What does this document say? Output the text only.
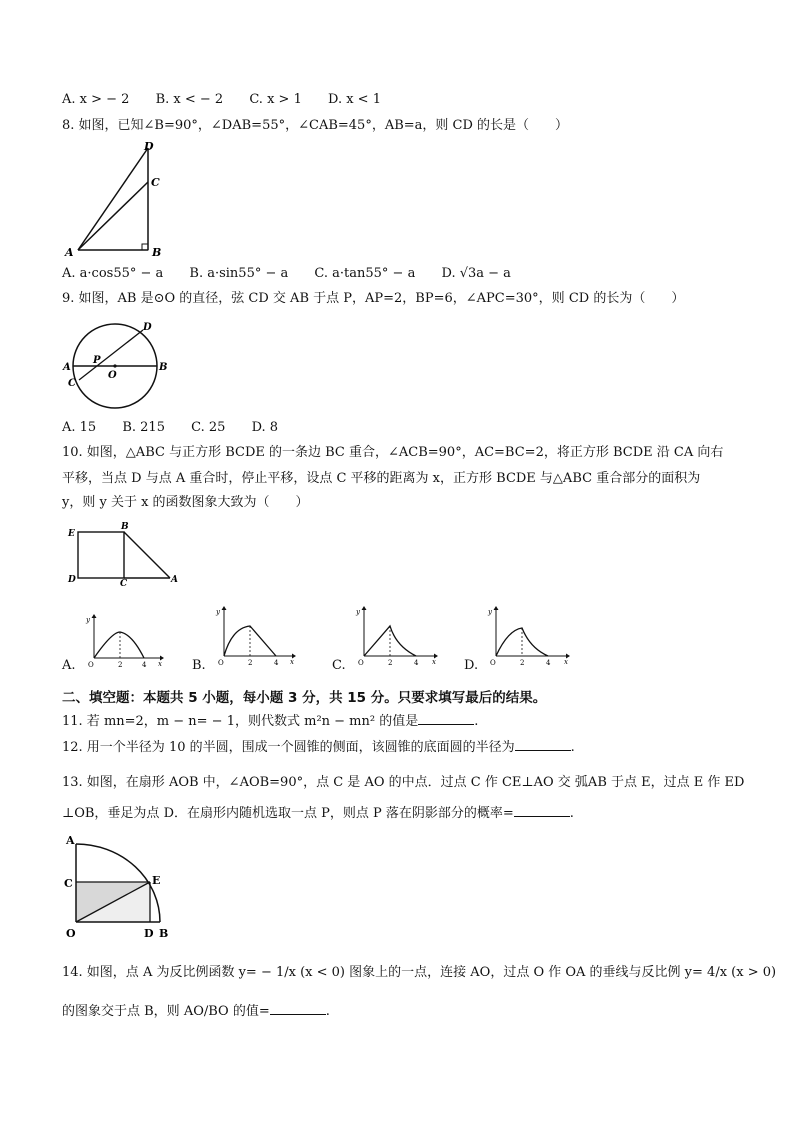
A. x > − 2 B. x < − 2 C. x > 1 D. x < 1
8. 如图，已知∠B=90°，∠DAB=55°，∠CAB=45°，AB=a，则 CD 的长是（　　）
D
C
A	B
A. a·cos55° − a B. a·sin55° − a C. a·tan55° − a D. √3a − a
9. 如图，AB 是⊙O 的直径，弦 CD 交 AB 于点 P，AP=2，BP=6，∠APC=30°，则 CD 的长为（　　）
A	B
C
D
P
O
A. 15 B. 215 C. 25 D. 8
10. 如图，△ABC 与正方形 BCDE 的一条边 BC 重合，∠ACB=90°，AC=BC=2，将正方形 BCDE 沿 CA 向右
平移，当点 D 与点 A 重合时，停止平移，设点 C 平移的距离为 x，正方形 BCDE 与△ABC 重合部分的面积为
y，则 y 关于 x 的函数图象大致为（　　）
E
B
D	C	A
A.
y
x
O	2	4	B.
y
x
O	2	4	C.
y
x
O	2	4	D.
y
x
O	2	4
二、填空题：本题共 5 小题，每小题 3 分，共 15 分。只要求填写最后的结果。
11. 若 mn=2，m − n= − 1，则代数式 m²n − mn² 的值是	.
12. 用一个半径为 10 的半圆，围成一个圆锥的侧面，该圆锥的底面圆的半径为	.
13. 如图，在扇形 AOB 中，∠AOB=90°，点 C 是 AO 的中点．过点 C 作 CE⊥AO 交 弧AB 于点 E，过点 E 作 ED
⊥OB，垂足为点 D．在扇形内随机选取一点 P，则点 P 落在阴影部分的概率=	.
A
C	E
O	D B
14. 如图，点 A 为反比例函数 y= − 1/x (x < 0) 图象上的一点，连接 AO，过点 O 作 OA 的垂线与反比例 y= 4/x (x > 0)
的图象交于点 B，则 AO/BO 的值=	.
